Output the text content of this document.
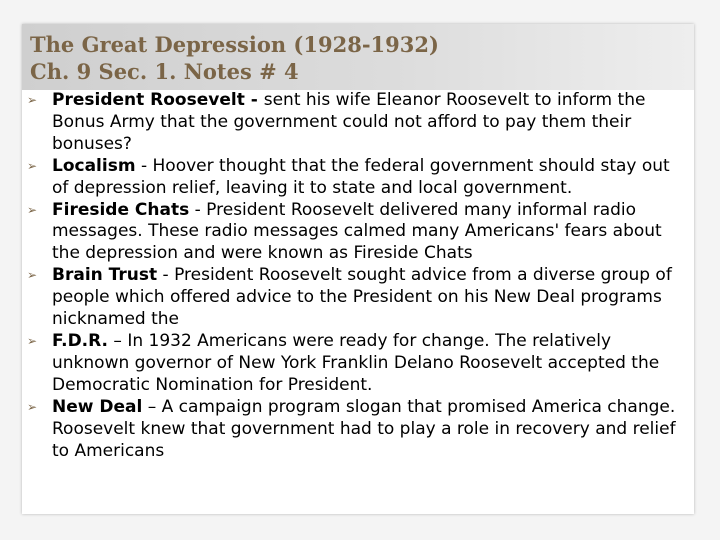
The Great Depression (1928-1932)
Ch. 9 Sec. 1. Notes # 4
➢ President Roosevelt - sent his wife Eleanor Roosevelt to inform the Bonus Army that the government could not afford to pay them their bonuses?
➢ Localism - Hoover thought that the federal government should stay out of depression relief, leaving it to state and local government.
➢ Fireside Chats - President Roosevelt delivered many informal radio messages. These radio messages calmed many Americans' fears about the depression and were known as Fireside Chats
➢ Brain Trust - President Roosevelt sought advice from a diverse group of people which offered advice to the President on his New Deal programs nicknamed the
➢ F.D.R. – In 1932 Americans were ready for change. The relatively unknown governor of New York Franklin Delano Roosevelt accepted the Democratic Nomination for President.
➢ New Deal – A campaign program slogan that promised America change. Roosevelt knew that government had to play a role in recovery and relief to Americans
